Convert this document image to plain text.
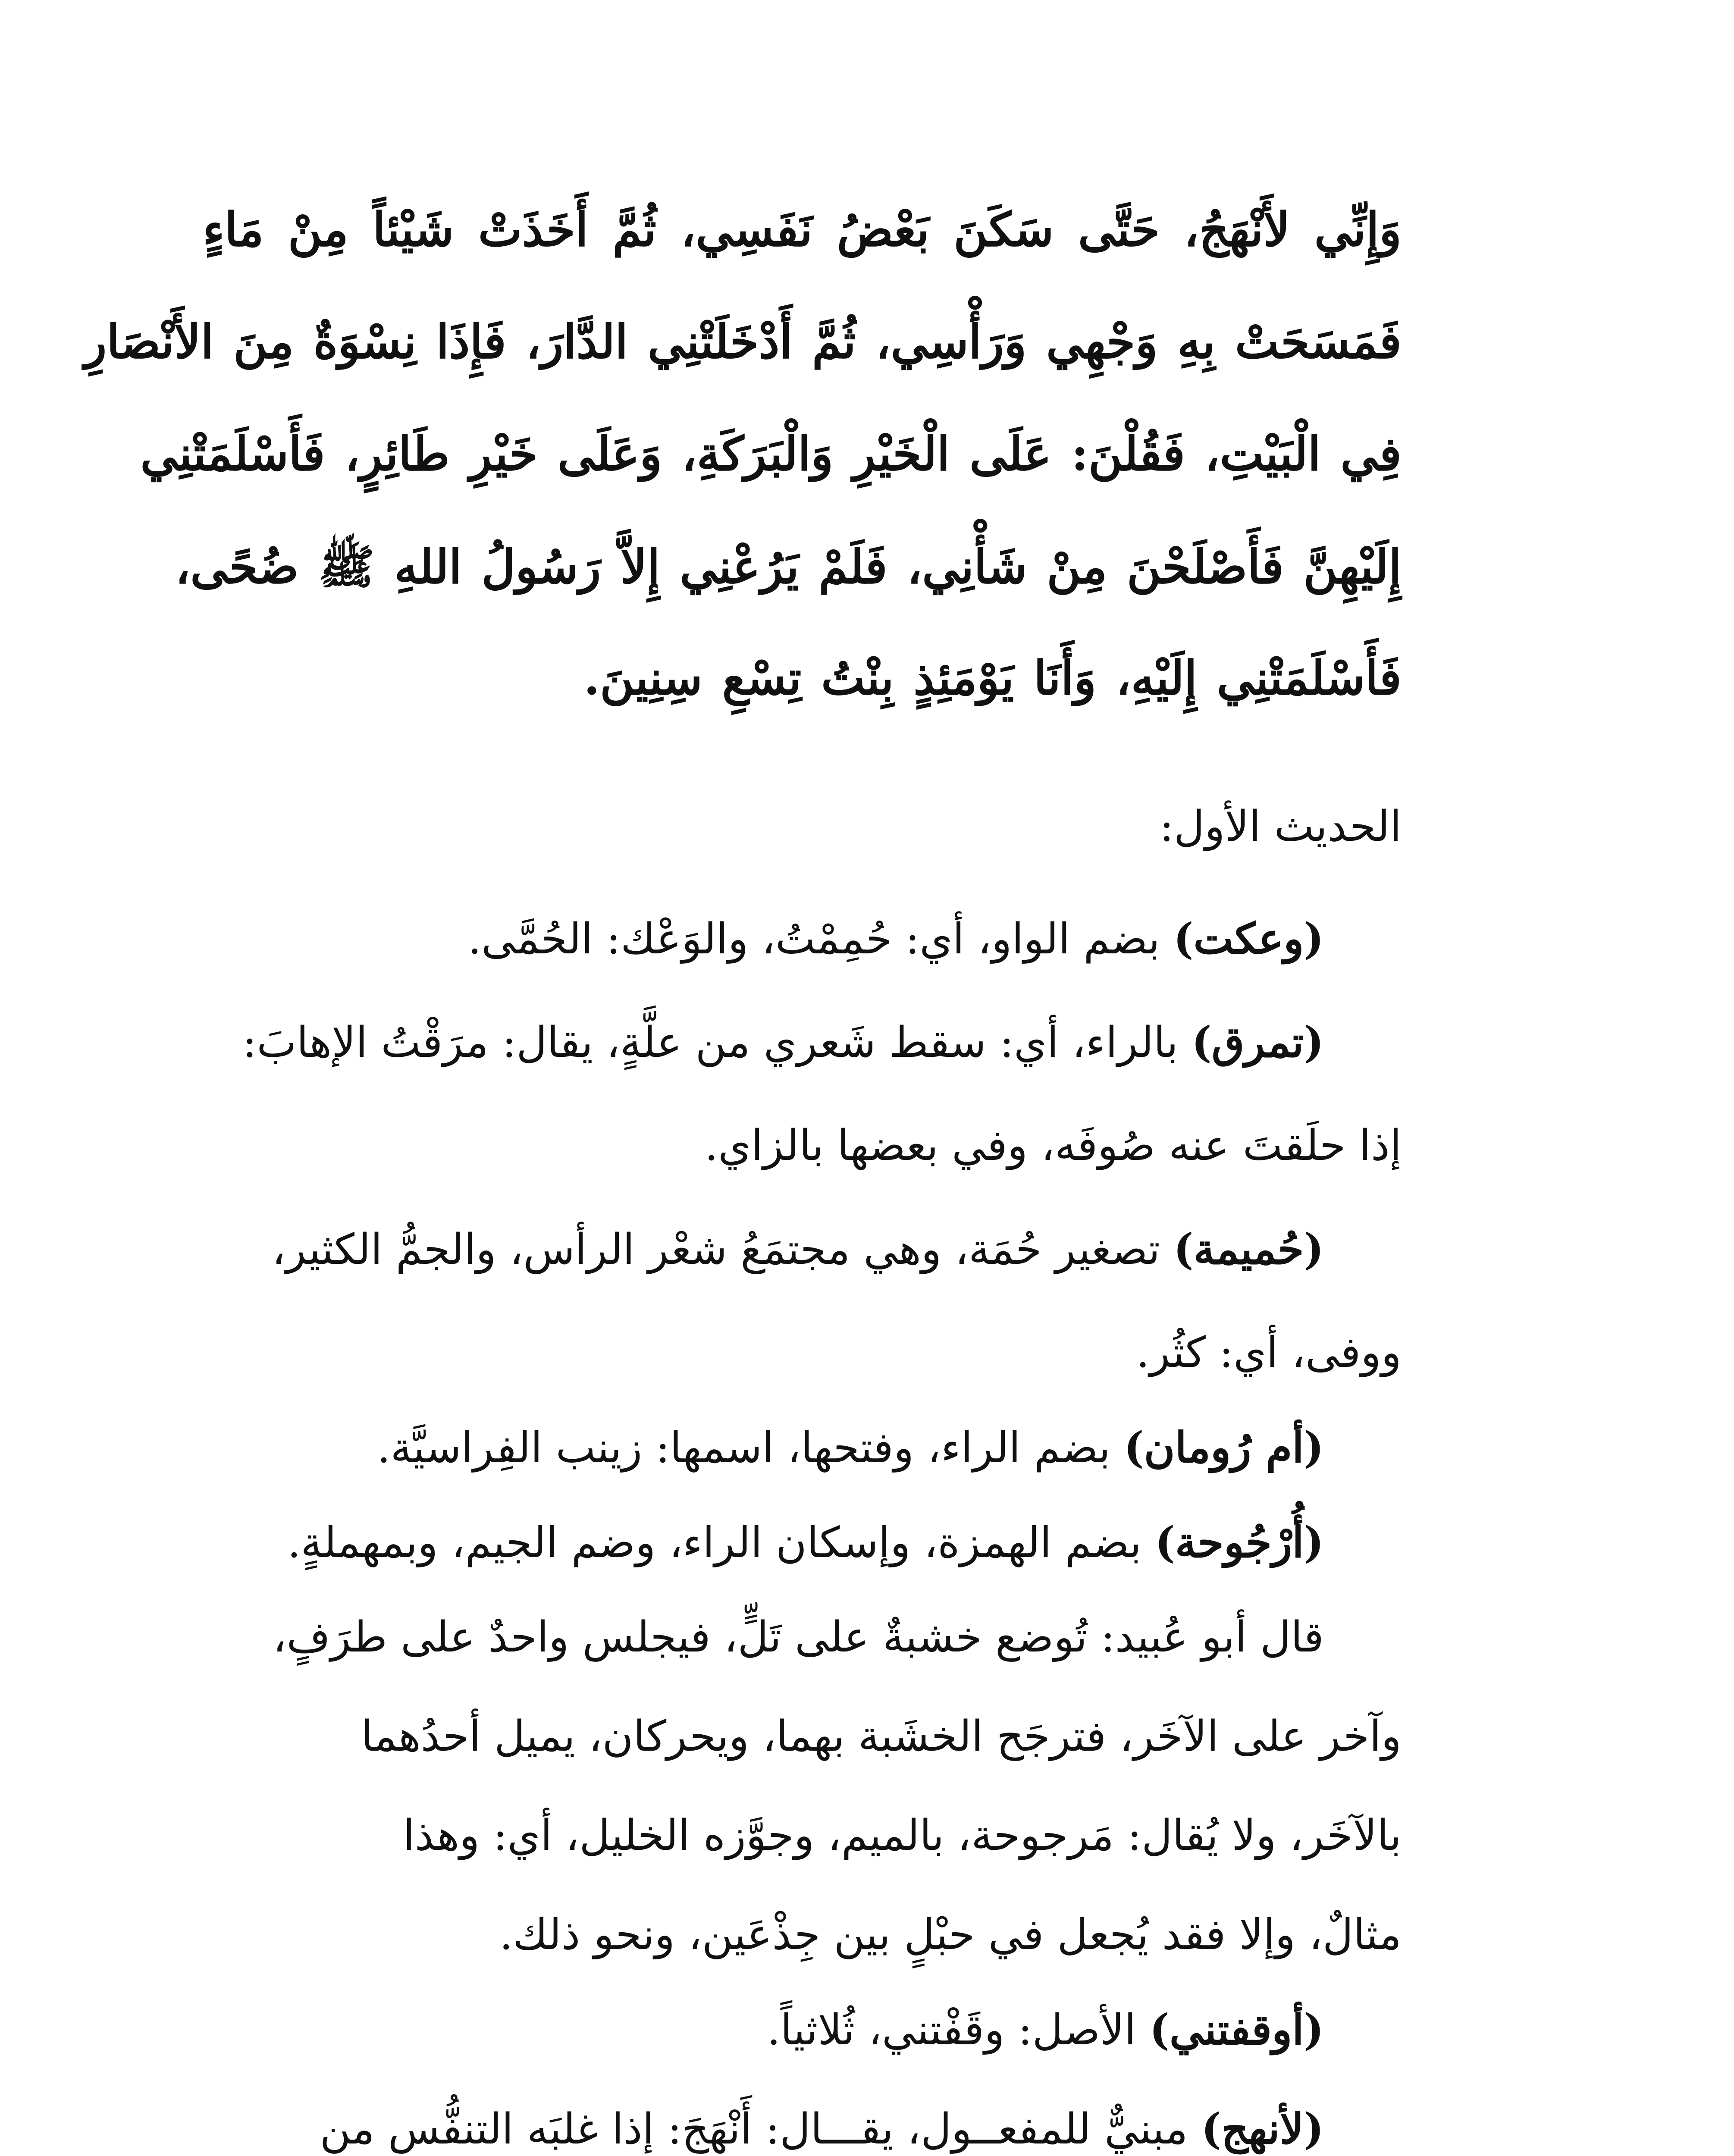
وَإِنِّي لأَنْهَجُ، حَتَّى سَكَنَ بَعْضُ نَفَسِي، ثُمَّ أَخَذَتْ شَيْئاً مِنْ مَاءٍ
فَمَسَحَتْ بِهِ وَجْهِي وَرَأْسِي، ثُمَّ أَدْخَلَتْنِي الدَّارَ، فَإِذَا نِسْوَةٌ مِنَ الأَنْصَارِ
فِي الْبَيْتِ، فَقُلْنَ: عَلَى الْخَيْرِ وَالْبَرَكَةِ، وَعَلَى خَيْرِ طَائِرٍ، فَأَسْلَمَتْنِي
إِلَيْهِنَّ فَأَصْلَحْنَ مِنْ شَأْنِي، فَلَمْ يَرُعْنِي إِلاَّ رَسُولُ اللهِ ﷺ ضُحًى،
فَأَسْلَمَتْنِي إِلَيْهِ، وَأَنَا يَوْمَئِذٍ بِنْتُ تِسْعِ سِنِينَ.
الحديث الأول:
(وعكت) بضم الواو، أي: حُمِمْتُ، والوَعْك: الحُمَّى.
(تمرق) بالراء، أي: سقط شَعري من علَّةٍ، يقال: مرَقْتُ الإهابَ:
إذا حلَقتَ عنه صُوفَه، وفي بعضها بالزاي.
(حُميمة) تصغير حُمَة، وهي مجتمَعُ شعْر الرأس، والجمُّ الكثير،
ووفى، أي: كثُر.
(أم رُومان) بضم الراء، وفتحها، اسمها: زينب الفِراسيَّة.
(أُرْجُوحة) بضم الهمزة، وإسكان الراء، وضم الجيم، وبمهملةٍ.
قال أبو عُبيد: تُوضع خشبةٌ على تَلٍّ، فيجلس واحدٌ على طرَفٍ،
وآخر على الآخَر، فترجَح الخشَبة بهما، ويحركان، يميل أحدُهما
بالآخَر، ولا يُقال: مَرجوحة، بالميم، وجوَّزه الخليل، أي: وهذا
مثالٌ، وإلا فقد يُجعل في حبْلٍ بين جِذْعَين، ونحو ذلك.
(أوقفتني) الأصل: وقَفْتني، ثُلاثياً.
(لأنهج) مبنيٌّ للمفعــول، يقـــال: أَنْهَجَ: إذا غلبَه التنفُّس من
